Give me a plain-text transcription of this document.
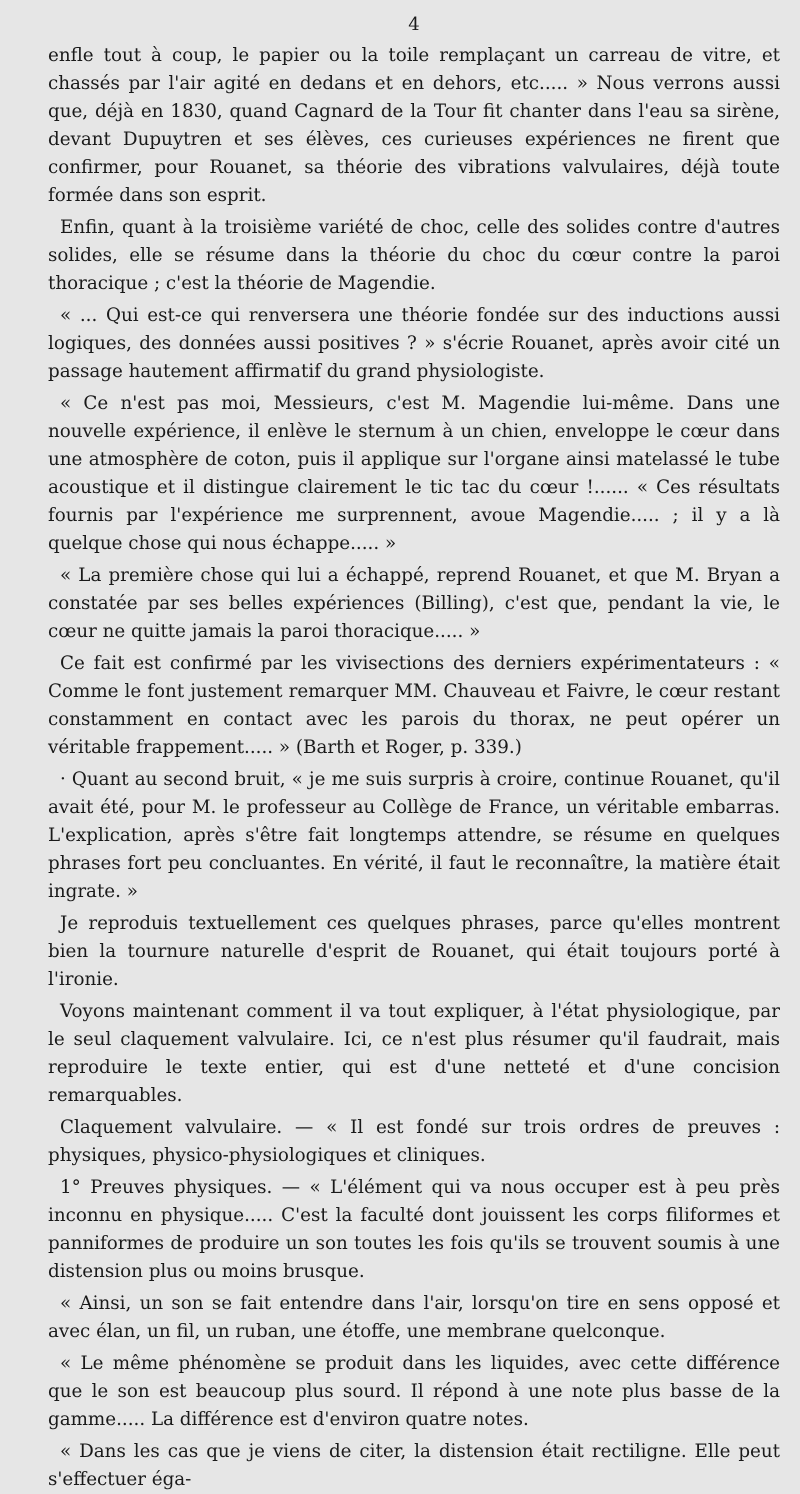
4

enfle tout à coup, le papier ou la toile remplaçant un carreau de vitre, et chassés par l'air agité en dedans et en dehors, etc..... » Nous verrons aussi que, déjà en 1830, quand Cagnard de la Tour fit chanter dans l'eau sa sirène, devant Dupuytren et ses élèves, ces curieuses expériences ne firent que confirmer, pour Rouanet, sa théorie des vibrations valvulaires, déjà toute formée dans son esprit.

Enfin, quant à la troisième variété de choc, celle des solides contre d'autres solides, elle se résume dans la théorie du choc du cœur contre la paroi thoracique ; c'est la théorie de Magendie.

« ... Qui est-ce qui renversera une théorie fondée sur des inductions aussi logiques, des données aussi positives ? » s'écrie Rouanet, après avoir cité un passage hautement affirmatif du grand physiologiste.

« Ce n'est pas moi, Messieurs, c'est M. Magendie lui-même. Dans une nouvelle expérience, il enlève le sternum à un chien, enveloppe le cœur dans une atmosphère de coton, puis il applique sur l'organe ainsi matelassé le tube acoustique et il distingue clairement le tic tac du cœur !...... « Ces résultats fournis par l'expérience me surprennent, avoue Magendie..... ; il y a là quelque chose qui nous échappe..... »

« La première chose qui lui a échappé, reprend Rouanet, et que M. Bryan a constatée par ses belles expériences (Billing), c'est que, pendant la vie, le cœur ne quitte jamais la paroi thoracique..... »

Ce fait est confirmé par les vivisections des derniers expérimentateurs : « Comme le font justement remarquer MM. Chauveau et Faivre, le cœur restant constamment en contact avec les parois du thorax, ne peut opérer un véritable frappement..... » (Barth et Roger, p. 339.)

· Quant au second bruit, « je me suis surpris à croire, continue Rouanet, qu'il avait été, pour M. le professeur au Collège de France, un véritable embarras. L'explication, après s'être fait longtemps attendre, se résume en quelques phrases fort peu concluantes. En vérité, il faut le reconnaître, la matière était ingrate. »

Je reproduis textuellement ces quelques phrases, parce qu'elles montrent bien la tournure naturelle d'esprit de Rouanet, qui était toujours porté à l'ironie.

Voyons maintenant comment il va tout expliquer, à l'état physiologique, par le seul claquement valvulaire. Ici, ce n'est plus résumer qu'il faudrait, mais reproduire le texte entier, qui est d'une netteté et d'une concision remarquables.

Claquement valvulaire. — « Il est fondé sur trois ordres de preuves : physiques, physico-physiologiques et cliniques.

1° Preuves physiques. — « L'élément qui va nous occuper est à peu près inconnu en physique..... C'est la faculté dont jouissent les corps filiformes et panniformes de produire un son toutes les fois qu'ils se trouvent soumis à une distension plus ou moins brusque.

« Ainsi, un son se fait entendre dans l'air, lorsqu'on tire en sens opposé et avec élan, un fil, un ruban, une étoffe, une membrane quelconque.

« Le même phénomène se produit dans les liquides, avec cette différence que le son est beaucoup plus sourd. Il répond à une note plus basse de la gamme..... La différence est d'environ quatre notes.

« Dans les cas que je viens de citer, la distension était rectiligne. Elle peut s'effectuer éga-
